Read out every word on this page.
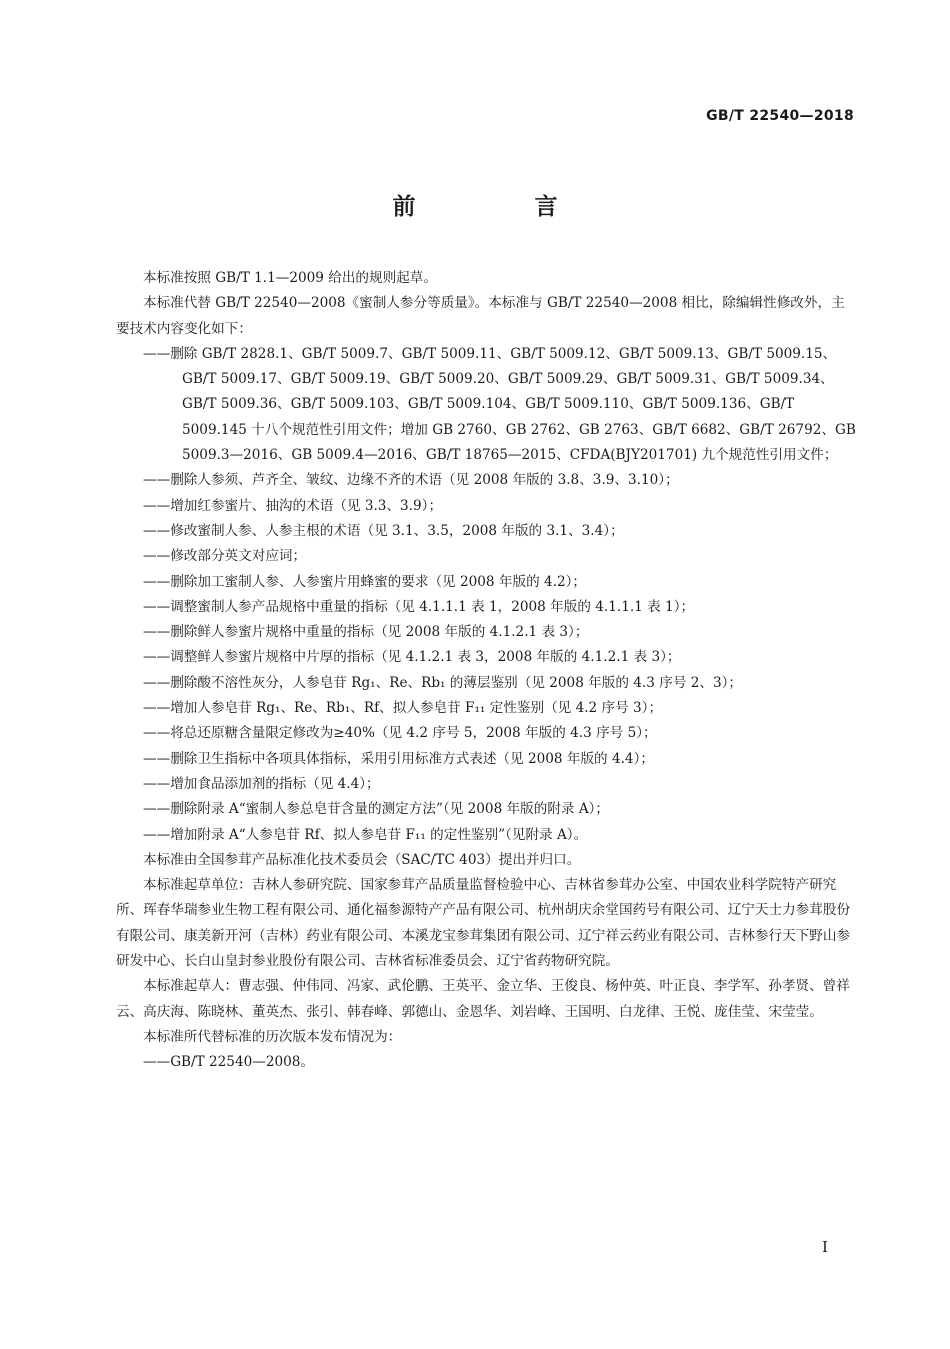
GB/T 22540—2018
前　言

本标准按照 GB/T 1.1—2009 给出的规则起草。

本标准代替 GB/T 22540—2008《蜜制人参分等质量》。本标准与 GB/T 22540—2008 相比，除编辑性修改外，主要技术内容变化如下：

——删除 GB/T 2828.1、GB/T 5009.7、GB/T 5009.11、GB/T 5009.12、GB/T 5009.13、GB/T 5009.15、GB/T 5009.17、GB/T 5009.19、GB/T 5009.20、GB/T 5009.29、GB/T 5009.31、GB/T 5009.34、GB/T 5009.36、GB/T 5009.103、GB/T 5009.104、GB/T 5009.110、GB/T 5009.136、GB/T 5009.145 十八个规范性引用文件；增加 GB 2760、GB 2762、GB 2763、GB/T 6682、GB/T 26792、GB 5009.3—2016、GB 5009.4—2016、GB/T 18765—2015、CFDA(BJY201701) 九个规范性引用文件；
——删除人参须、芦齐全、皱纹、边缘不齐的术语（见 2008 年版的 3.8、3.9、3.10）；
——增加红参蜜片、抽沟的术语（见 3.3、3.9）；
——修改蜜制人参、人参主根的术语（见 3.1、3.5，2008 年版的 3.1、3.4）；
——修改部分英文对应词；
——删除加工蜜制人参、人参蜜片用蜂蜜的要求（见 2008 年版的 4.2）；
——调整蜜制人参产品规格中重量的指标（见 4.1.1.1 表 1，2008 年版的 4.1.1.1 表 1）；
——删除鲜人参蜜片规格中重量的指标（见 2008 年版的 4.1.2.1 表 3）；
——调整鲜人参蜜片规格中片厚的指标（见 4.1.2.1 表 3，2008 年版的 4.1.2.1 表 3）；
——删除酸不溶性灰分，人参皂苷 Rg₁、Re、Rb₁ 的薄层鉴别（见 2008 年版的 4.3 序号 2、3）；
——增加人参皂苷 Rg₁、Re、Rb₁、Rf、拟人参皂苷 F₁₁ 定性鉴别（见 4.2 序号 3）；
——将总还原糖含量限定修改为≥40%（见 4.2 序号 5，2008 年版的 4.3 序号 5）；
——删除卫生指标中各项具体指标，采用引用标准方式表述（见 2008 年版的 4.4）；
——增加食品添加剂的指标（见 4.4）；
——删除附录 A“蜜制人参总皂苷含量的测定方法”（见 2008 年版的附录 A）；
——增加附录 A“人参皂苷 Rf、拟人参皂苷 F₁₁ 的定性鉴别”（见附录 A）。

本标准由全国参茸产品标准化技术委员会（SAC/TC 403）提出并归口。

本标准起草单位：吉林人参研究院、国家参茸产品质量监督检验中心、吉林省参茸办公室、中国农业科学院特产研究所、珲春华瑞参业生物工程有限公司、通化福参源特产产品有限公司、杭州胡庆余堂国药号有限公司、辽宁天士力参茸股份有限公司、康美新开河（吉林）药业有限公司、本溪龙宝参茸集团有限公司、辽宁祥云药业有限公司、吉林参行天下野山参研发中心、长白山皇封参业股份有限公司、吉林省标准委员会、辽宁省药物研究院。

本标准起草人：曹志强、仲伟同、冯家、武伦鹏、王英平、金立华、王俊良、杨仲英、叶正良、李学军、孙孝贤、曾祥云、高庆海、陈晓林、董英杰、张引、韩春峰、郭德山、金恩华、刘岩峰、王国明、白龙律、王悦、庞佳莹、宋莹莹。

本标准所代替标准的历次版本发布情况为：

——GB/T 22540—2008。
I
